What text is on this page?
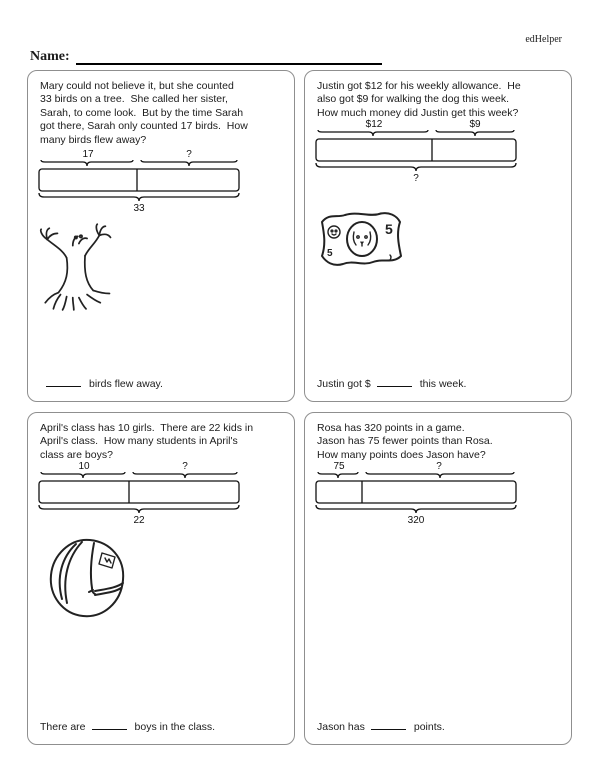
edHelper
Name:
Mary could not believe it, but she counted
33 birds on a tree.  She called her sister,
Sarah, to come look.  But by the time Sarah
got there, Sarah only counted 17 birds.  How
many birds flew away?
17	?
33
birds flew away.
Justin got $12 for his weekly allowance.  He
also got $9 for walking the dog this week.
How much money did Justin get this week?
$12	$9
?
5
5
Justin got $	this week.
April's class has 10 girls.  There are 22 kids in
April's class.  How many students in April's
class are boys?
10	?
22
There are	boys in the class.
Rosa has 320 points in a game.
Jason has 75 fewer points than Rosa.
How many points does Jason have?
75	?
320
Jason has	points.
